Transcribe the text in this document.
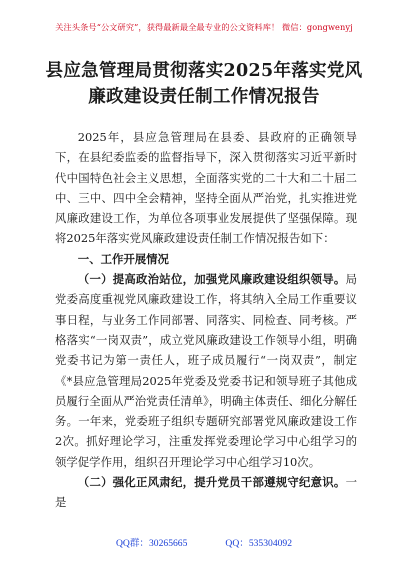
关注头条号“公文研究”，获得最新最全最专业的公文资料库！ 微信：gongwenyj
县应急管理局贯彻落实2025年落实党风
廉政建设责任制工作情况报告

2025年，县应急管理局在县委、县政府的正确领导下，在县纪委监委的监督指导下，深入贯彻落实习近平新时代中国特色社会主义思想，全面落实党的二十大和二十届二中、三中、四中全会精神，坚持全面从严治党，扎实推进党风廉政建设工作，为单位各项事业发展提供了坚强保障。现将2025年落实党风廉政建设责任制工作情况报告如下：

一、工作开展情况

（一）提高政治站位，加强党风廉政建设组织领导。局党委高度重视党风廉政建设工作，将其纳入全局工作重要议事日程，与业务工作同部署、同落实、同检查、同考核。严格落实“一岗双责”，成立党风廉政建设工作领导小组，明确党委书记为第一责任人，班子成员履行“一岗双责”，制定《*县应急管理局2025年党委及党委书记和领导班子其他成员履行全面从严治党责任清单》，明确主体责任、细化分解任务。一年来，党委班子组织专题研究部署党风廉政建设工作2次。抓好理论学习，注重发挥党委理论学习中心组学习的领学促学作用，组织召开理论学习中心组学习10次。

（二）强化正风肃纪，提升党员干部遵规守纪意识。一是

QQ群：30265665	QQ：535304092
